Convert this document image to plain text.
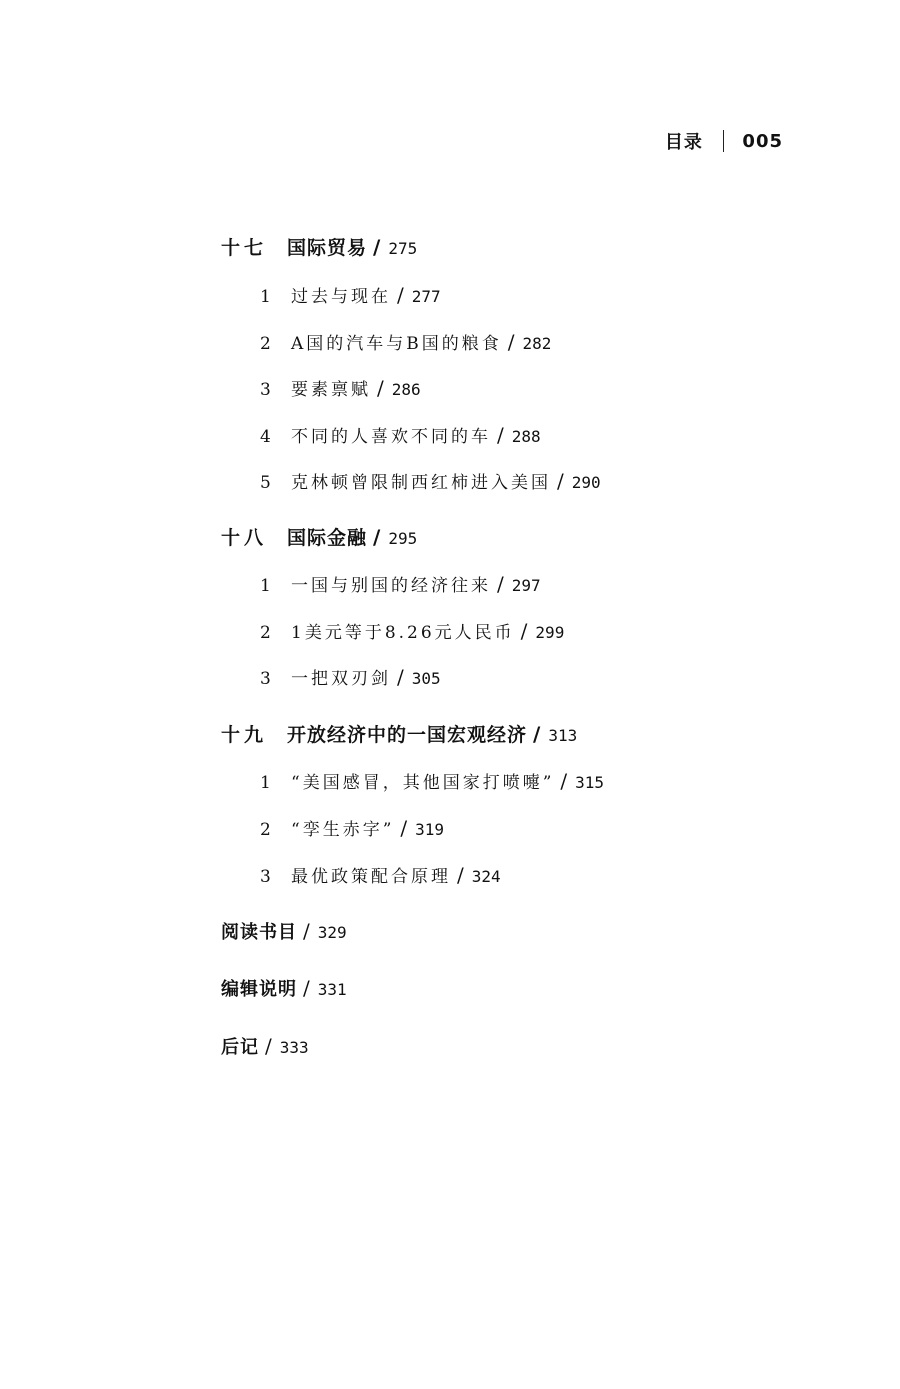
目录 005
十七 国际贸易 / 275
1	过去与现在 / 277
2	A国的汽车与B国的粮食 / 282
3	要素禀赋 / 286
4	不同的人喜欢不同的车 / 288
5	克林顿曾限制西红柿进入美国 / 290
十八 国际金融 / 295
1	一国与别国的经济往来 / 297
2	1美元等于8.26元人民币 / 299
3	一把双刃剑 / 305
十九 开放经济中的一国宏观经济 / 313
1	“美国感冒，其他国家打喷嚏” / 315
2	“孪生赤字” / 319
3	最优政策配合原理 / 324
阅读书目 / 329
编辑说明 / 331
后记 / 333
